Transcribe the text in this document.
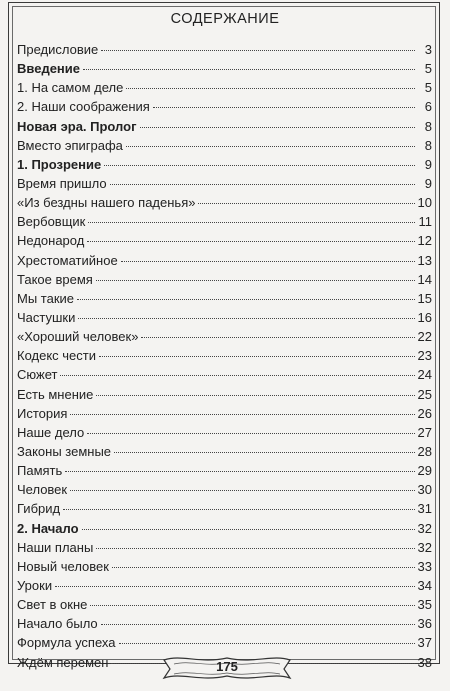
СОДЕРЖАНИЕ
Предисловие	3
Введение	5
1. На самом деле	5
2. Наши соображения	6
Новая эра. Пролог	8
Вместо эпиграфа	8
1. Прозрение	9
Время пришло	9
«Из бездны нашего паденья»	10
Вербовщик	11
Недонарод	12
Хрестоматийное	13
Такое время	14
Мы такие	15
Частушки	16
«Хороший человек»	22
Кодекс чести	23
Сюжет	24
Есть мнение	25
История	26
Наше дело	27
Законы земные	28
Память	29
Человек	30
Гибрид	31
2. Начало	32
Наши планы	32
Новый человек	33
Уроки	34
Свет в окне	35
Начало было	36
Формула успеха	37
Ждём перемен	38
175
